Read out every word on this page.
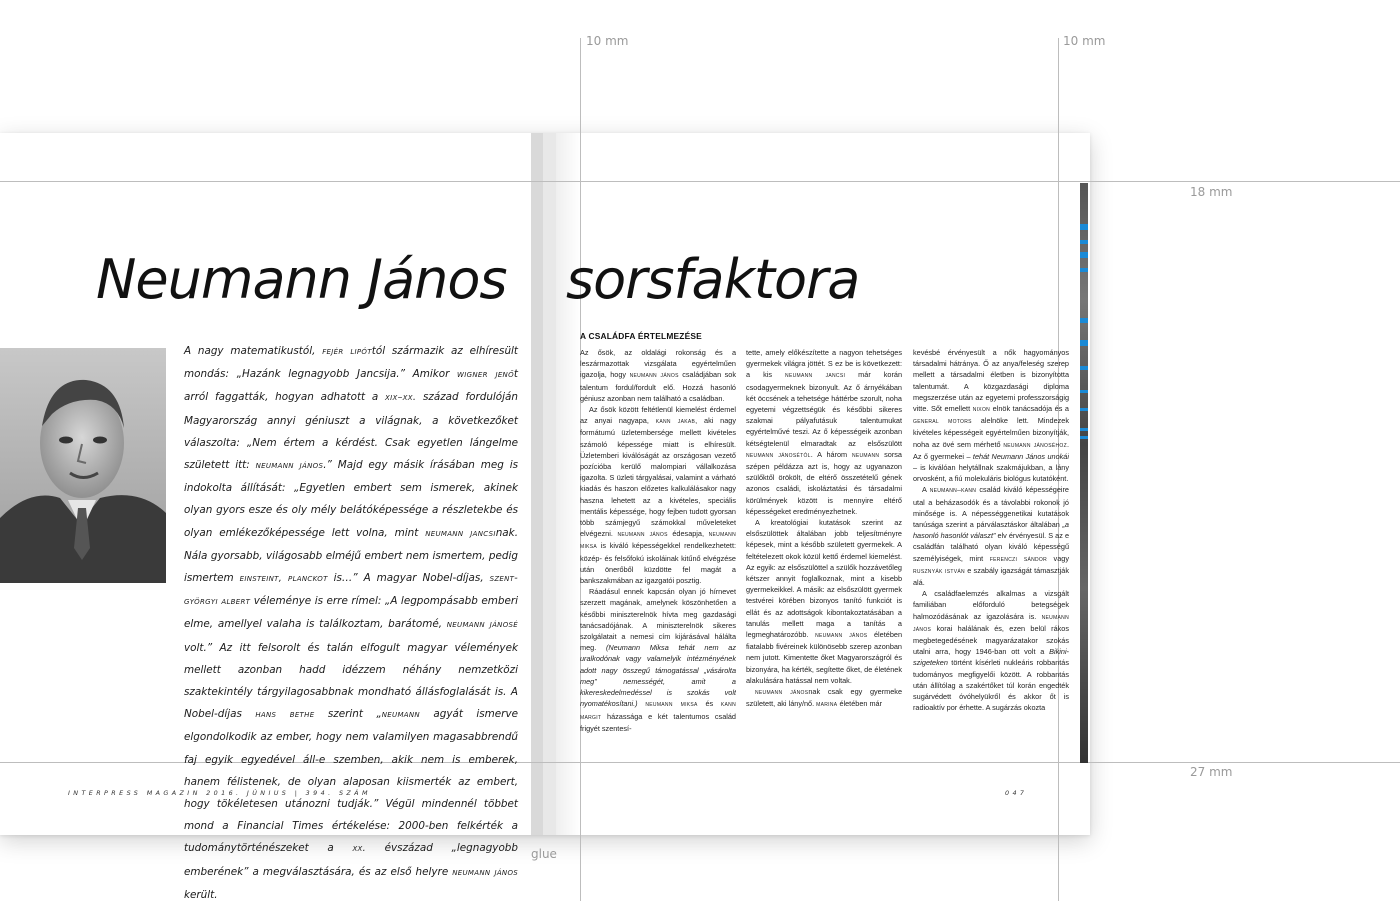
10 mm	10 mm
18 mm
27 mm
glue
Neumann János sorsfaktora
A nagy matematikustól, fejér lipóttól származik az elhíresült mondás: „Hazánk legnagyobb Jancsija.” Amikor wigner jenőt arról faggatták, hogyan adhatott a xix–xx. század fordulóján Magyarország annyi géniuszt a világnak, a következőket válaszolta: „Nem értem a kérdést. Csak egyetlen lángelme született itt: neumann jános.” Majd egy másik írásában meg is indokolta állítását: „Egyetlen embert sem ismerek, akinek olyan gyors esze és oly mély belátóképessége a részletekbe és olyan emlékezőképessége lett volna, mint neumann jancsinak. Nála gyorsabb, világosabb elméjű embert nem ismertem, pedig ismertem einsteint, planckot is…” A magyar Nobel-díjas, szent-györgyi albert véleménye is erre rímel: „A legpompásabb emberi elme, amellyel valaha is találkoztam, barátomé, neumann jánosé volt.” Az itt felsorolt és talán elfogult magyar vélemények mellett azonban hadd idézzem néhány nemzetközi szaktekintély tárgyilagosabbnak mondható állásfoglalását is. A Nobel-díjas hans bethe szerint „neumann agyát ismerve elgondolkodik az ember, hogy nem valamilyen magasabbrendű faj egyik egyedével áll-e szemben, akik nem is emberek, hanem félistenek, de olyan alaposan kiismerték az embert, hogy tökéletesen utánozni tudják.” Végül mindennél többet mond a Financial Times értékelése: 2000-ben felkérték a tudománytörténészeket a xx. évszázad „legnagyobb emberének” a megválasztására, és az első helyre neumann jános került.
A CSALÁDFA ÉRTELMEZÉSE

Az ősök, az oldalági rokonság és a leszármazottak vizsgálata egyértelműen igazolja, hogy neumann jános családjában sok talentum fordul/fordult elő. Hozzá hasonló géniusz azonban nem található a családban.

Az ősök között feltétlenül kiemelést érdemel az anyai nagyapa, kann jakab, aki nagy formátumú üzletembersége mellett kivételes számoló képessége miatt is elhíresült. Üzletemberi kiválóságát az országosan vezető pozícióba kerülő malompiari vállalkozása igazolta. S üzleti tárgyalásai, valamint a várható kiadás és haszon előzetes kalkulálásakor nagy haszna lehetett az a kivételes, speciális mentális képessége, hogy fejben tudott gyorsan több számjegyű számokkal műveleteket elvégezni. neumann jános édesapja, neumann miksa is kiváló képességekkel rendelkezhetett: közép- és felsőfokú iskoláinak kitűnő elvégzése után önerőből küzdötte fel magát a bankszakmában az igazgatói posztig.

Ráadásul ennek kapcsán olyan jó hírnevet szerzett magának, amelynek köszönhetően a későbbi miniszterelnök hívta meg gazdasági tanácsadójának. A miniszterelnök sikeres szolgálatait a nemesi cím kijárásával hálálta meg. (Neumann Miksa tehát nem az uralkodónak vagy valamelyik intézményének adott nagy összegű támogatással „vásárolta meg” nemességét, amit a kikereskedelmedéssel is szokás volt nyomatékosítani.) neumann miksa és kann margit házassága e két talentumos család frigyét szentesí-

tette, amely előkészítette a nagyon tehetséges gyermekek világra jöttét. S ez be is következett: a kis neumann jancsi már korán csodagyermeknek bizonyult. Az ő árnyékában két öccsének a tehetsége háttérbe szorult, noha egyetemi végzettségük és későbbi sikeres szakmai pályafutásuk talentumukat egyértelművé teszi. Az ő képességeik azonban kétségtelenül elmaradtak az elsőszülött neumann jánosétól. A három neumann sorsa szépen példázza azt is, hogy az ugyanazon szülőktől örökölt, de eltérő összetételű gének azonos családi, iskoláztatási és társadalmi körülmények között is mennyire eltérő képességeket eredményezhetnek.

A kreatológiai kutatások szerint az elsőszülöttek általában jobb teljesítményre képesek, mint a később született gyermekek. A feltételezett okok közül kettő érdemel kiemelést. Az egyik: az elsőszülöttel a szülők hozzávetőleg kétszer annyit foglalkoznak, mint a kisebb gyermekeikkel. A másik: az elsőszülött gyermek testvérei körében bizonyos tanító funkciót is ellát és az adottságok kibontakoztatásában a tanulás mellett maga a tanítás a legmeghatározóbb. neumann jános életében fiatalabb fivéreinek különösebb szerep azonban nem jutott. Kimentette őket Magyarországról és bizonyára, ha kérték, segítette őket, de életének alakulására hatással nem voltak.

neumann jánosnak csak egy gyermeke született, aki lány/nő. marina életében már

kevésbé érvényesült a nők hagyományos társadalmi hátránya. Ő az anya/feleség szerep mellett a társadalmi életben is bizonyította talentumát. A közgazdasági diploma megszerzése után az egyetemi professzorságig vitte. Sőt emellett nixon elnök tanácsadója és a general motors alelnöke lett. Mindezek kivételes képességeit egyértelműen bizonyítják, noha az övé sem mérhető neumann jánoséhoz. Az ő gyermekei – tehát Neumann János unokái – is kiválóan helytállnak szakmájukban, a lány orvosként, a fiú molekuláris biológus kutatóként.

A neumann–kann család kiváló képességeire utal a beházasodók és a távolabbi rokonok jó minősége is. A népességgenetikai kutatások tanúsága szerint a párválasztáskor általában „a hasonló hasonlót választ” elv érvényesül. S az e családfán található olyan kiváló képességű személyiségek, mint ferenczi sándor vagy rusznyák istván e szabály igazságát támasztják alá.

A családfaelemzés alkalmas a vizsgált familiában előforduló betegségek halmozódásának az igazolására is. neumann jános korai halálának és, ezen belül rákos megbetegedésének magyarázatakor szokás utalni arra, hogy 1946-ban ott volt a Bikini-szigeteken történt kísérleti nukleáris robbantás tudományos megfigyelői között. A robbantás után állítólag a szakértőket túl korán engedték sugárvédett óvóhelyükről és akkor őt is radioaktív por érhette. A sugárzás okozta

INTERPRESS MAGAZIN 2016. JÚNIUS | 394. SZÁM	047
